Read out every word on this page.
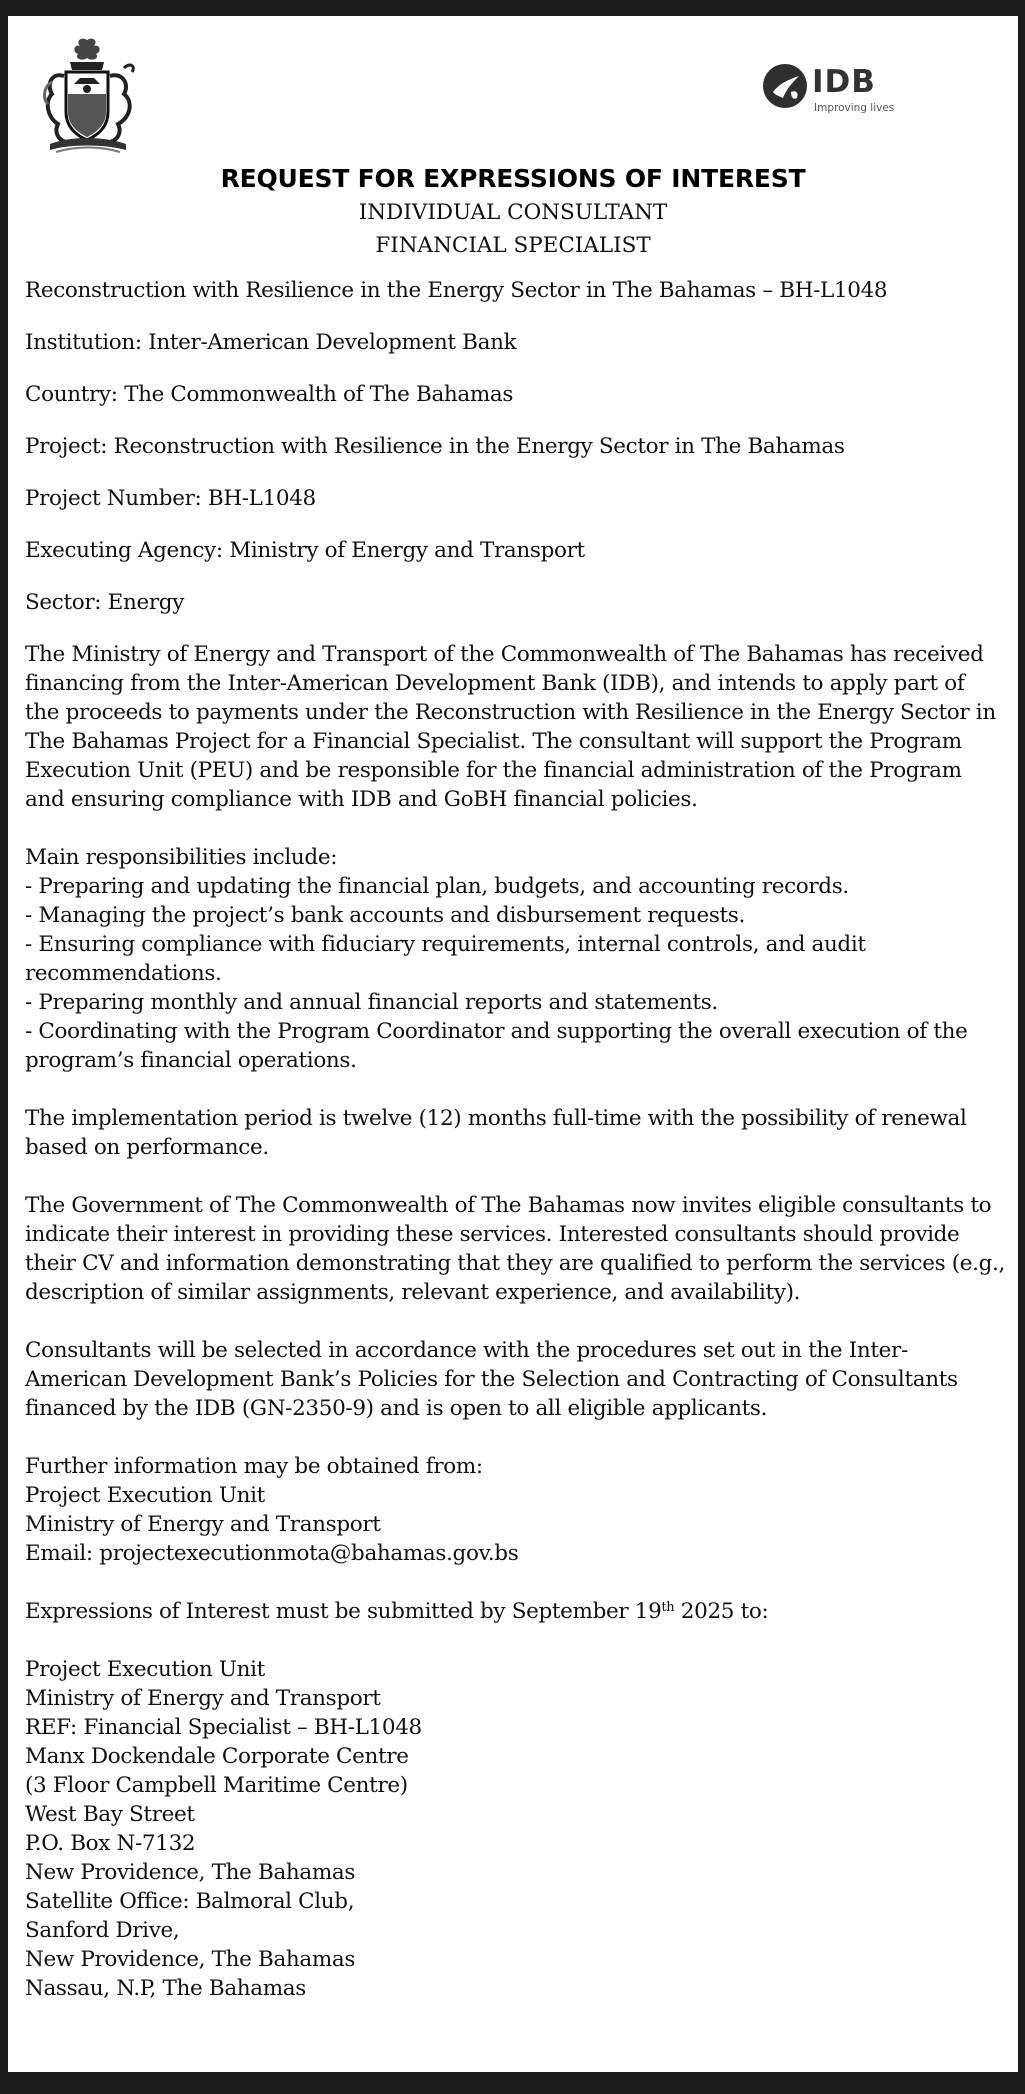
IDB
Improving lives
REQUEST FOR EXPRESSIONS OF INTEREST
INDIVIDUAL CONSULTANT
FINANCIAL SPECIALIST
Reconstruction with Resilience in the Energy Sector in The Bahamas – BH-L1048
Institution: Inter-American Development Bank
Country: The Commonwealth of The Bahamas
Project: Reconstruction with Resilience in the Energy Sector in The Bahamas
Project Number: BH-L1048
Executing Agency: Ministry of Energy and Transport
Sector: Energy
The Ministry of Energy and Transport of the Commonwealth of The Bahamas has received
financing from the Inter-American Development Bank (IDB), and intends to apply part of
the proceeds to payments under the Reconstruction with Resilience in the Energy Sector in
The Bahamas Project for a Financial Specialist. The consultant will support the Program
Execution Unit (PEU) and be responsible for the financial administration of the Program
and ensuring compliance with IDB and GoBH financial policies.
Main responsibilities include:
- Preparing and updating the financial plan, budgets, and accounting records.
- Managing the project’s bank accounts and disbursement requests.
- Ensuring compliance with fiduciary requirements, internal controls, and audit
recommendations.
- Preparing monthly and annual financial reports and statements.
- Coordinating with the Program Coordinator and supporting the overall execution of the
program’s financial operations.
The implementation period is twelve (12) months full-time with the possibility of renewal
based on performance.
The Government of The Commonwealth of The Bahamas now invites eligible consultants to
indicate their interest in providing these services. Interested consultants should provide
their CV and information demonstrating that they are qualified to perform the services (e.g.,
description of similar assignments, relevant experience, and availability).
Consultants will be selected in accordance with the procedures set out in the Inter-
American Development Bank’s Policies for the Selection and Contracting of Consultants
financed by the IDB (GN-2350-9) and is open to all eligible applicants.
Further information may be obtained from:
Project Execution Unit
Ministry of Energy and Transport
Email: projectexecutionmota@bahamas.gov.bs
Expressions of Interest must be submitted by September 19th 2025 to:
Project Execution Unit
Ministry of Energy and Transport
REF: Financial Specialist – BH-L1048
Manx Dockendale Corporate Centre
(3 Floor Campbell Maritime Centre)
West Bay Street
P.O. Box N-7132
New Providence, The Bahamas
Satellite Office: Balmoral Club,
Sanford Drive,
New Providence, The Bahamas
Nassau, N.P, The Bahamas
